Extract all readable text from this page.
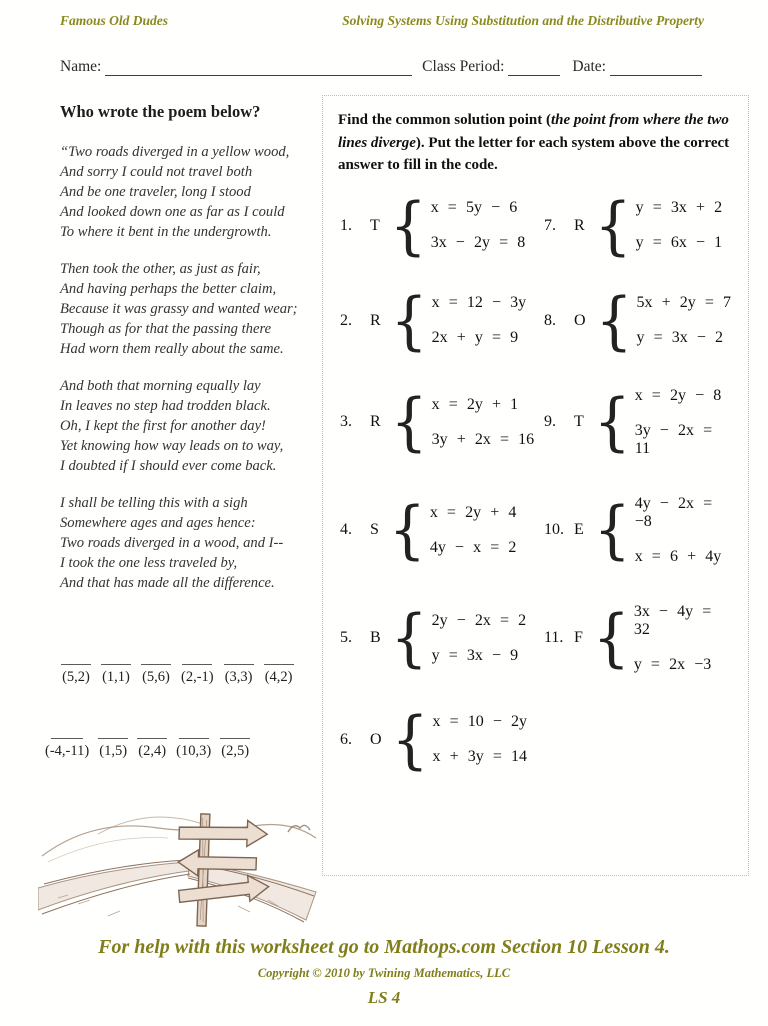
Famous Old Dudes	Solving Systems Using Substitution and the Distributive Property
Name:	Class Period:	Date:

Who wrote the poem below?

“Two roads diverged in a yellow wood,
And sorry I could not travel both
And be one traveler, long I stood
And looked down one as far as I could
To where it bent in the undergrowth.

Then took the other, as just as fair,
And having perhaps the better claim,
Because it was grassy and wanted wear;
Though as for that the passing there
Had worn them really about the same.

And both that morning equally lay
In leaves no step had trodden black.
Oh, I kept the first for another day!
Yet knowing how way leads on to way,
I doubted if I should ever come back.

I shall be telling this with a sigh
Somewhere ages and ages hence:
Two roads diverged in a wood, and I--
I took the one less traveled by,
And that has made all the difference.

(5,2) (1,1) (5,6) (2,-1) (3,3) (4,2)
(-4,-11) (1,5) (2,4) (10,3) (2,5)
Find the common solution point (the point from where the two lines diverge). Put the letter for each system above the correct answer to fill in the code.
1.	T { x = 5y − 6
3x − 2y = 8
7.	R { y = 3x + 2
y = 6x − 1
2.	R { x = 12 − 3y
2x + y = 9
8.	O { 5x + 2y = 7
y = 3x − 2
3.	R { x = 2y + 1
3y + 2x = 16
9.	T { x = 2y − 8
3y − 2x = 11
4.	S { x = 2y + 4
4y − x = 2
10. E { 4y − 2x = −8
x = 6 + 4y
5.	B { 2y − 2x = 2
y = 3x − 9
11. F { 3x − 4y = 32
y = 2x −3
6.	O { x = 10 − 2y
x + 3y = 14
For help with this worksheet go to Mathops.com Section 10 Lesson 4.
Copyright © 2010 by Twining Mathematics, LLC
LS 4
